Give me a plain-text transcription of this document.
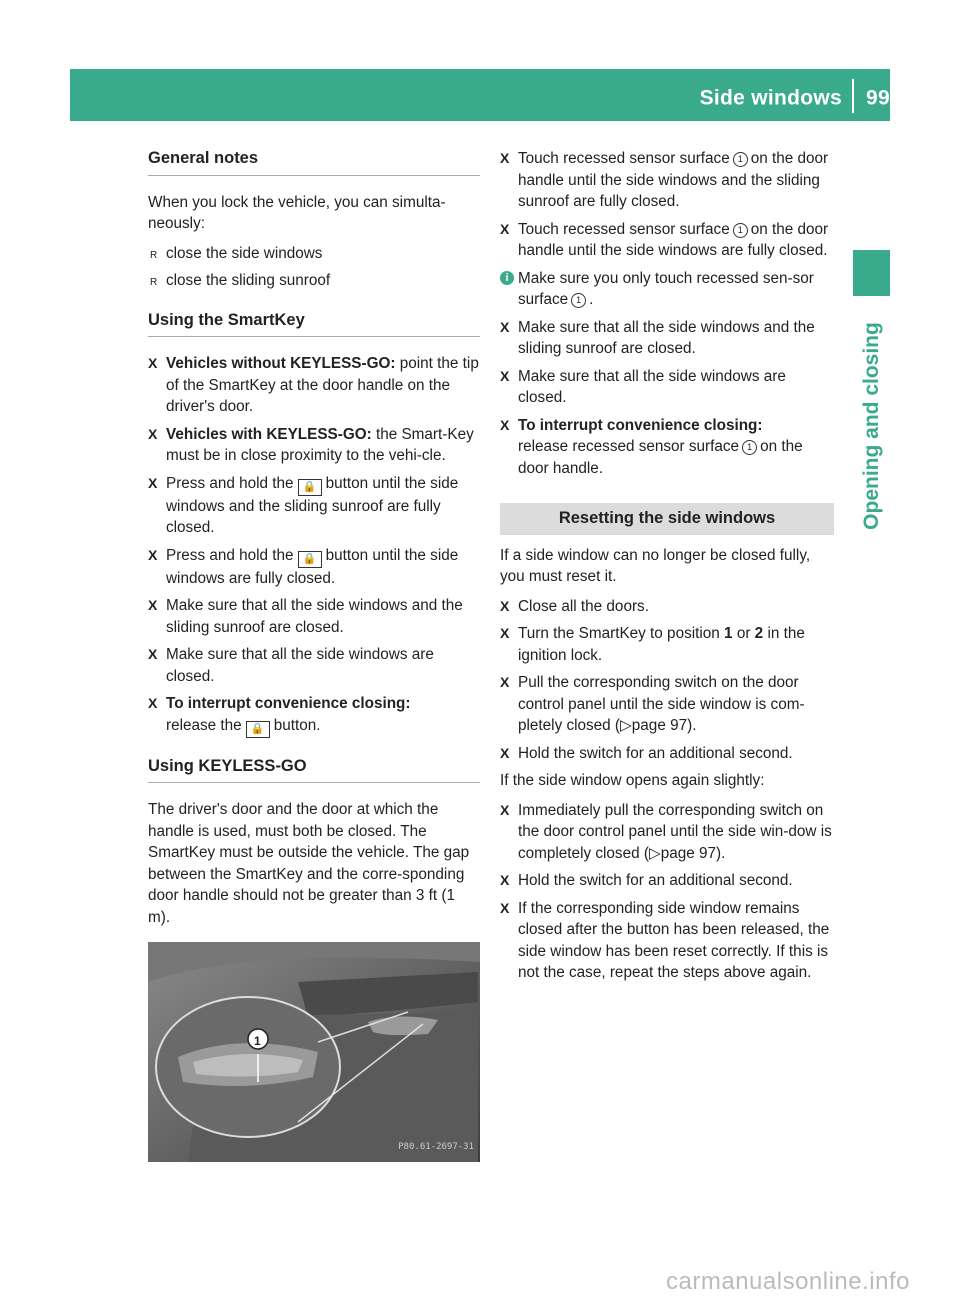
Side windows 99
Opening and closing
General notes

When you lock the vehicle, you can simulta-neously:

R close the side windows
R close the sliding sunroof
Using the SmartKey
X Vehicles without KEYLESS-GO: point the tip of the SmartKey at the door handle on the driver's door.
X Vehicles with KEYLESS-GO: the Smart-Key must be in close proximity to the vehi-cle.
X Press and hold the 🔒 button until the side windows and the sliding sunroof are fully closed.
X Press and hold the 🔒 button until the side windows are fully closed.
X Make sure that all the side windows and the sliding sunroof are closed.
X Make sure that all the side windows are closed.
X To interrupt convenience closing:
release the 🔒 button.
Using KEYLESS-GO

The driver's door and the door at which the handle is used, must both be closed. The SmartKey must be outside the vehicle. The gap between the SmartKey and the corre-sponding door handle should not be greater than 3 ft (1 m).

1
P80.61-2697-31
X Touch recessed sensor surface 1 on the door handle until the side windows and the sliding sunroof are fully closed.
X Touch recessed sensor surface 1 on the door handle until the side windows are fully closed.
i Make sure you only touch recessed sen-sor surface 1 .
X Make sure that all the side windows and the sliding sunroof are closed.
X Make sure that all the side windows are closed.
X To interrupt convenience closing:
release recessed sensor surface 1 on the door handle.
Resetting the side windows

If a side window can no longer be closed fully, you must reset it.

X Close all the doors.
X Turn the SmartKey to position 1 or 2 in the ignition lock.
X Pull the corresponding switch on the door control panel until the side window is com-pletely closed (▷page 97).
X Hold the switch for an additional second.

If the side window opens again slightly:

X Immediately pull the corresponding switch on the door control panel until the side win-dow is completely closed (▷page 97).
X Hold the switch for an additional second.
X If the corresponding side window remains closed after the button has been released, the side window has been reset correctly. If this is not the case, repeat the steps above again.
carmanualsonline.info
